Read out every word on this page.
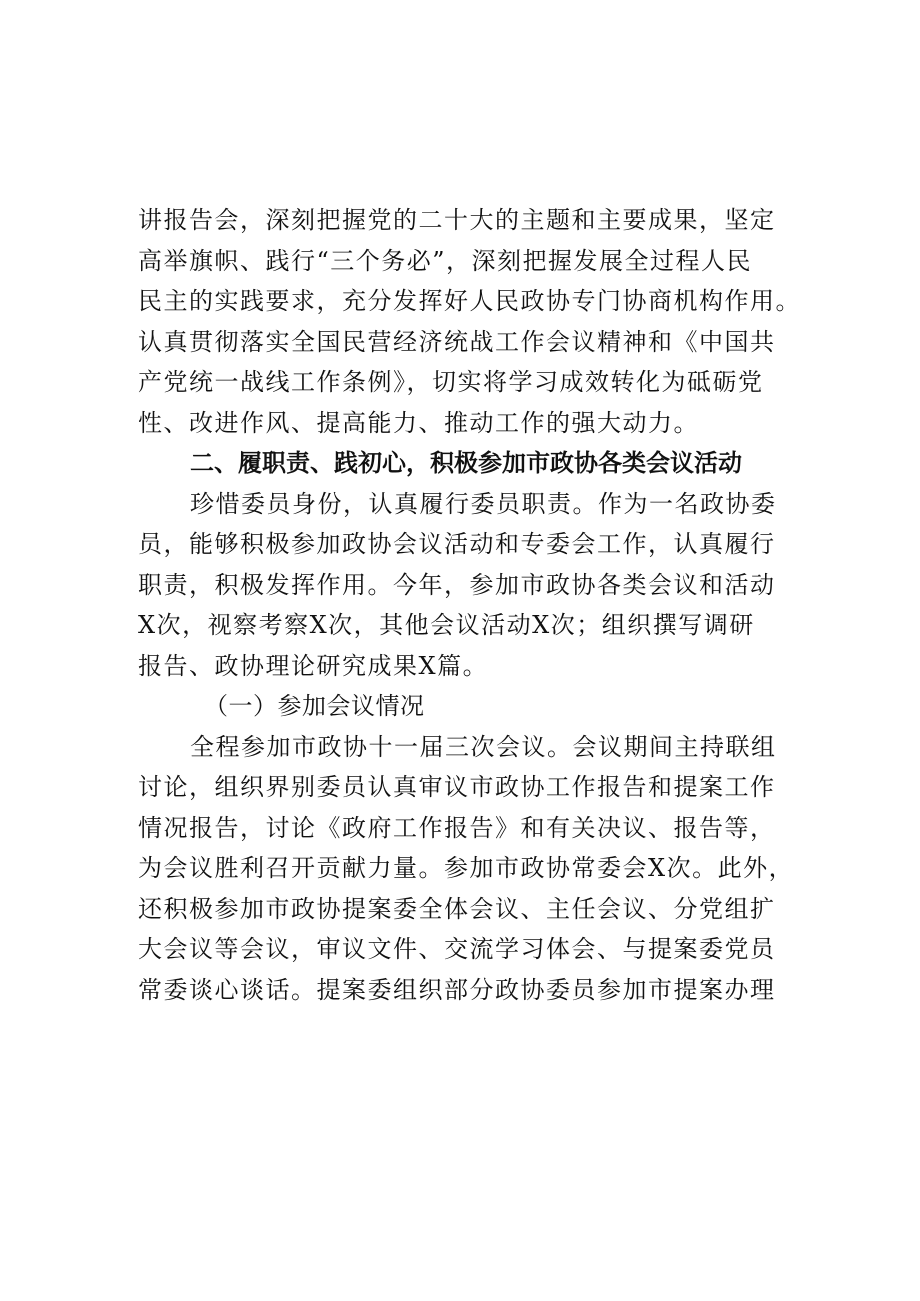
讲报告会，深刻把握党的二十大的主题和主要成果，坚定
高举旗帜、践行“三个务必”，深刻把握发展全过程人民
民主的实践要求，充分发挥好人民政协专门协商机构作用。
认真贯彻落实全国民营经济统战工作会议精神和《中国共
产党统一战线工作条例》，切实将学习成效转化为砥砺党
性、改进作风、提高能力、推动工作的强大动力。
二、履职责、践初心，积极参加市政协各类会议活动
珍惜委员身份，认真履行委员职责。作为一名政协委
员，能够积极参加政协会议活动和专委会工作，认真履行
职责，积极发挥作用。今年，参加市政协各类会议和活动
X次，视察考察X次，其他会议活动X次；组织撰写调研
报告、政协理论研究成果X篇。
（一）参加会议情况
全程参加市政协十一届三次会议。会议期间主持联组
讨论，组织界别委员认真审议市政协工作报告和提案工作
情况报告，讨论《政府工作报告》和有关决议、报告等，
为会议胜利召开贡献力量。参加市政协常委会X次。此外，
还积极参加市政协提案委全体会议、主任会议、分党组扩
大会议等会议，审议文件、交流学习体会、与提案委党员
常委谈心谈话。提案委组织部分政协委员参加市提案办理
